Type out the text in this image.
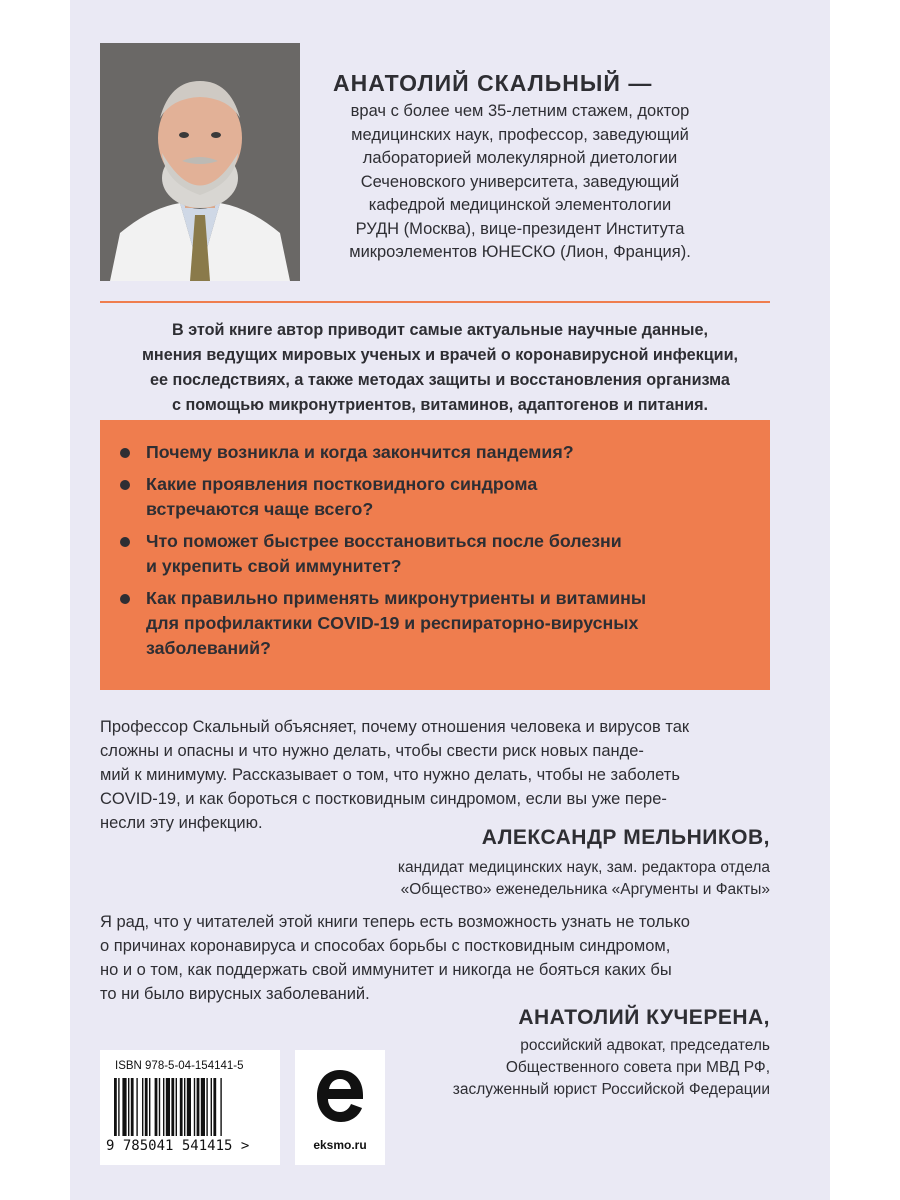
АНАТОЛИЙ СКАЛЬНЫЙ —

врач с более чем 35-летним стажем, доктор
медицинских наук, профессор, заведующий
лабораторией молекулярной диетологии
Сеченовского университета, заведующий
кафедрой медицинской элементологии
РУДН (Москва), вице-президент Института
микроэлементов ЮНЕСКО (Лион, Франция).

В этой книге автор приводит самые актуальные научные данные,
мнения ведущих мировых ученых и врачей о коронавирусной инфекции,
ее последствиях, а также методах защиты и восстановления организма
с помощью микронутриентов, витаминов, адаптогенов и питания.

Почему возникла и когда закончится пандемия?
Какие проявления постковидного синдрома
встречаются чаще всего?
Что поможет быстрее восстановиться после болезни
и укрепить свой иммунитет?
Как правильно применять микронутриенты и витамины
для профилактики COVID-19 и респираторно-вирусных
заболеваний?

Профессор Скальный объясняет, почему отношения человека и вирусов так
сложны и опасны и что нужно делать, чтобы свести риск новых панде-
мий к минимуму. Рассказывает о том, что нужно делать, чтобы не заболеть
COVID-19, и как бороться с постковидным синдромом, если вы уже пере-
несли эту инфекцию.

АЛЕКСАНДР МЕЛЬНИКОВ,

кандидат медицинских наук, зам. редактора отдела
«Общество» еженедельника «Аргументы и Факты»

Я рад, что у читателей этой книги теперь есть возможность узнать не только
о причинах коронавируса и способах борьбы с постковидным синдромом,
но и о том, как поддержать свой иммунитет и никогда не бояться каких бы
то ни было вирусных заболеваний.

АНАТОЛИЙ КУЧЕРЕНА,

российский адвокат, председатель
Общественного совета при МВД РФ,
заслуженный юрист Российской Федерации

ISBN 978-5-04-154141-5

9 785041 541415 >	eksmo.ru
